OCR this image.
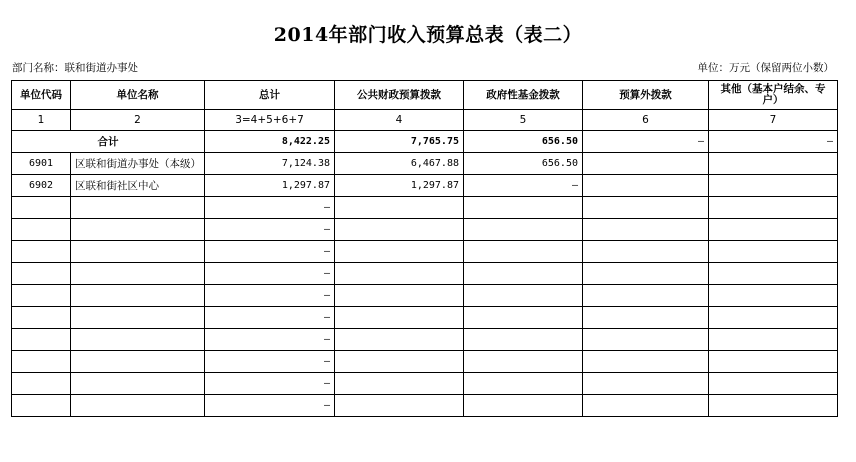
2014年部门收入预算总表（表二）
部门名称：联和街道办事处	单位：万元（保留两位小数）
单位代码	单位名称	总计	公共财政预算拨款	政府性基金拨款	预算外拨款	其他（基本户结余、专户）
1	2	3=4+5+6+7	4	5	6	7
合计		8,422.25	7,765.75	656.50	–	–
6901	区联和街道办事处（本级）	7,124.38	6,467.88	656.50		
6902	区联和街社区中心	1,297.87	1,297.87	–		
		–				
		–				
		–				
		–				
		–				
		–				
		–				
		–				
		–				
		–				
